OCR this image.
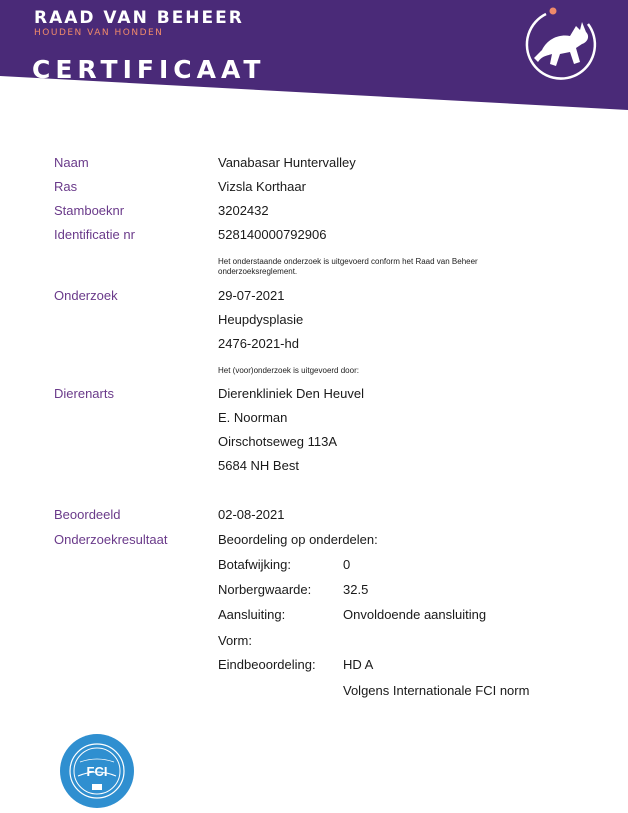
RAAD VAN BEHEER
HOUDEN VAN HONDEN
CERTIFICAAT
Naam	Vanabasar Huntervalley
Ras	Vizsla Korthaar
Stamboeknr	3202432
Identificatie nr	528140000792906
Het onderstaande onderzoek is uitgevoerd conform het Raad van Beheer onderzoeksreglement.
Onderzoek	29-07-2021
Heupdysplasie
2476-2021-hd
Het (voor)onderzoek is uitgevoerd door:
Dierenarts	Dierenkliniek Den Heuvel
E. Noorman
Oirschotseweg 113A
5684 NH Best
Beoordeeld	02-08-2021
Onderzoekresultaat	Beoordeling op onderdelen:
Botafwijking:	0
Norbergwaarde: 32.5
Aansluiting:	Onvoldoende aansluiting
Vorm:
Eindbeoordeling: HD A
Volgens Internationale FCI norm
FCI
